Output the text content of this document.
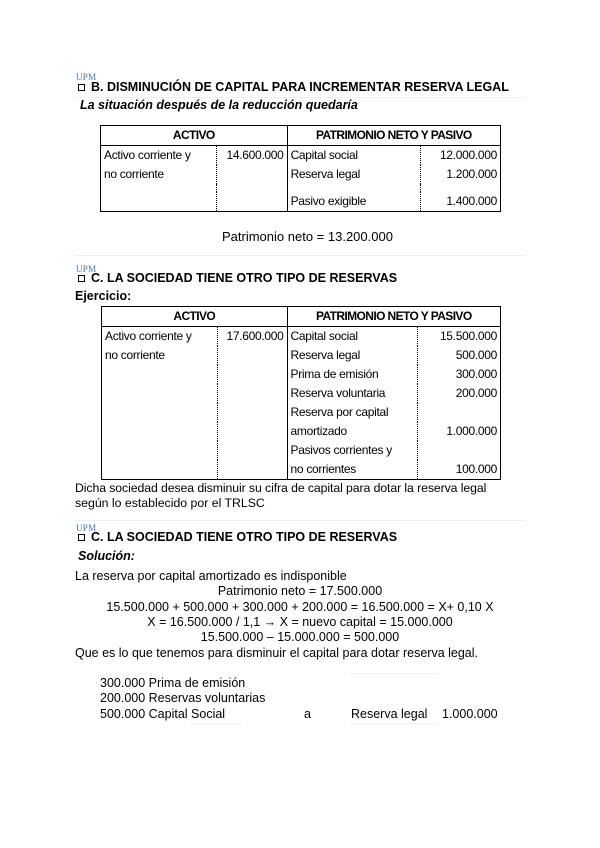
UPM
B. DISMINUCIÓN DE CAPITAL PARA INCREMENTAR RESERVA LEGAL
La situación después de la reducción quedaría
ACTIVO		PATRIMONIO NETO Y PASIVO	
Activo corriente y	14.600.000	Capital social	12.000.000
no corriente		Reserva legal	1.200.000

		Pasivo exigible	1.400.000
Patrimonio neto = 13.200.000
UPM
C. LA SOCIEDAD TIENE OTRO TIPO DE RESERVAS
Ejercicio:
ACTIVO		PATRIMONIO NETO Y PASIVO	
Activo corriente y	17.600.000	Capital social	15.500.000
no corriente		Reserva legal	500.000
		Prima de emisión	300.000
		Reserva voluntaria	200.000
		Reserva por capital	
		amortizado	1.000.000
		Pasivos corrientes y	
		no corrientes	100.000
Dicha sociedad desea disminuir su cifra de capital para dotar la reserva legal
según lo establecido por el TRLSC
UPM
C. LA SOCIEDAD TIENE OTRO TIPO DE RESERVAS
Solución:
La reserva por capital amortizado es indisponible
Patrimonio neto = 17.500.000
15.500.000 + 500.000 + 300.000 + 200.000 = 16.500.000 = X+ 0,10 X
X = 16.500.000 / 1,1 → X = nuevo capital = 15.000.000
15.500.000 – 15.000.000 = 500.000
Que es lo que tenemos para disminuir el capital para dotar reserva legal.
300.000 Prima de emisión
200.000 Reservas voluntarias
500.000 Capital Social	a	Reserva legal 1.000.000
